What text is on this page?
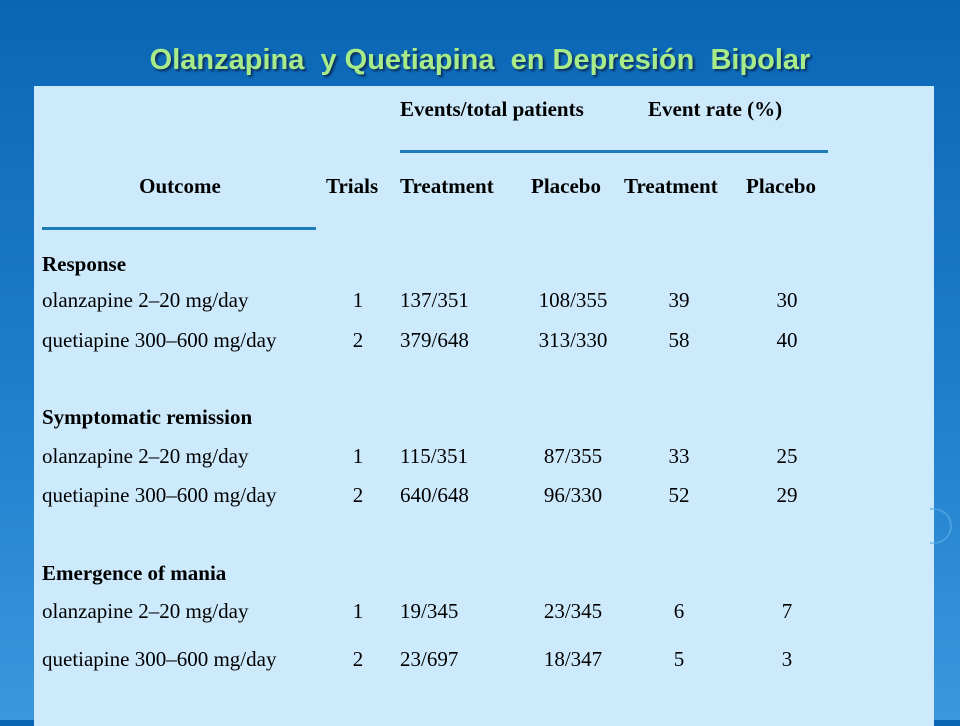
Olanzapina  y Quetiapina  en Depresión  Bipolar
Events/total patients	Event rate (%)
Outcome	Trials Treatment Placebo Treatment Placebo
Response
olanzapine 2–20 mg/day	1	137/351	108/355	39	30
quetiapine 300–600 mg/day	2	379/648	313/330	58	40
Symptomatic remission
olanzapine 2–20 mg/day	1	115/351	87/355	33	25
quetiapine 300–600 mg/day	2	640/648	96/330	52	29
Emergence of mania
olanzapine 2–20 mg/day	1	19/345	23/345	6	7
quetiapine 300–600 mg/day	2	23/697	18/347	5	3
